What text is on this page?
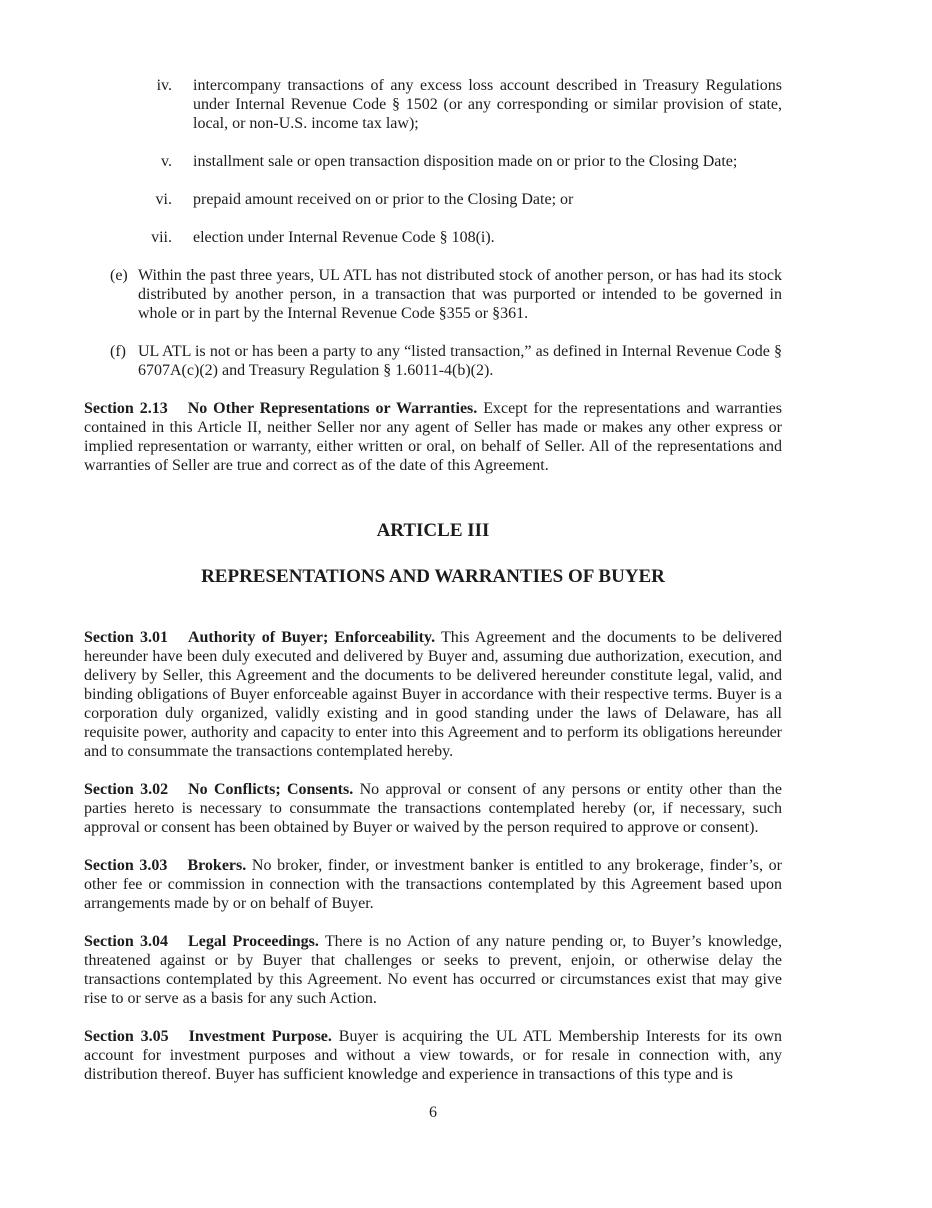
iv.	intercompany transactions of any excess loss account described in Treasury Regulations under Internal Revenue Code § 1502 (or any corresponding or similar provision of state, local, or non-U.S. income tax law);
v.	installment sale or open transaction disposition made on or prior to the Closing Date;
vi.	prepaid amount received on or prior to the Closing Date; or
vii.	election under Internal Revenue Code § 108(i).
(e) Within the past three years, UL ATL has not distributed stock of another person, or has had its stock distributed by another person, in a transaction that was purported or intended to be governed in whole or in part by the Internal Revenue Code §355 or §361.
(f) UL ATL is not or has been a party to any “listed transaction,” as defined in Internal Revenue Code § 6707A(c)(2) and Treasury Regulation § 1.6011-4(b)(2).

Section 2.13 No Other Representations or Warranties. Except for the representations and warranties contained in this Article II, neither Seller nor any agent of Seller has made or makes any other express or implied representation or warranty, either written or oral, on behalf of Seller. All of the representations and warranties of Seller are true and correct as of the date of this Agreement.

ARTICLE III
REPRESENTATIONS AND WARRANTIES OF BUYER

Section 3.01 Authority of Buyer; Enforceability. This Agreement and the documents to be delivered hereunder have been duly executed and delivered by Buyer and, assuming due authorization, execution, and delivery by Seller, this Agreement and the documents to be delivered hereunder constitute legal, valid, and binding obligations of Buyer enforceable against Buyer in accordance with their respective terms. Buyer is a corporation duly organized, validly existing and in good standing under the laws of Delaware, has all requisite power, authority and capacity to enter into this Agreement and to perform its obligations hereunder and to consummate the transactions contemplated hereby.

Section 3.02 No Conflicts; Consents. No approval or consent of any persons or entity other than the parties hereto is necessary to consummate the transactions contemplated hereby (or, if necessary, such approval or consent has been obtained by Buyer or waived by the person required to approve or consent).

Section 3.03 Brokers. No broker, finder, or investment banker is entitled to any brokerage, finder’s, or other fee or commission in connection with the transactions contemplated by this Agreement based upon arrangements made by or on behalf of Buyer.

Section 3.04 Legal Proceedings. There is no Action of any nature pending or, to Buyer’s knowledge, threatened against or by Buyer that challenges or seeks to prevent, enjoin, or otherwise delay the transactions contemplated by this Agreement. No event has occurred or circumstances exist that may give rise to or serve as a basis for any such Action.

Section 3.05 Investment Purpose. Buyer is acquiring the UL ATL Membership Interests for its own account for investment purposes and without a view towards, or for resale in connection with, any distribution thereof. Buyer has sufficient knowledge and experience in transactions of this type and is

6
